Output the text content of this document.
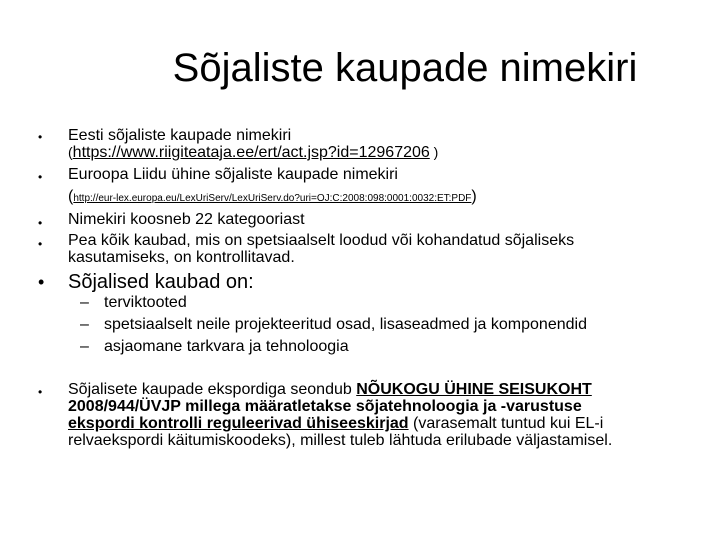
Sõjaliste kaupade nimekiri
• Eesti sõjaliste kaupade nimekiri
(https://www.riigiteataja.ee/ert/act.jsp?id=12967206 )
• Euroopa Liidu ühine sõjaliste kaupade nimekiri
(http://eur-lex.europa.eu/LexUriServ/LexUriServ.do?uri=OJ:C:2008:098:0001:0032:ET:PDF)
• Nimekiri koosneb 22 kategooriast
• Pea kõik kaubad, mis on spetsiaalselt loodud või kohandatud sõjaliseks
kasutamiseks, on kontrollitavad.
• Sõjalised kaubad on:
– terviktooted
– spetsiaalselt neile projekteeritud osad, lisaseadmed ja komponendid
– asjaomane tarkvara ja tehnoloogia
• Sõjalisete kaupade ekspordiga seondub NÕUKOGU ÜHINE SEISUKOHT
2008/944/ÜVJP millega määratletakse sõjatehnoloogia ja -varustuse
ekspordi kontrolli reguleerivad ühiseeskirjad (varasemalt tuntud kui EL-i
relvaekspordi käitumiskoodeks), millest tuleb lähtuda erilubade väljastamisel.
